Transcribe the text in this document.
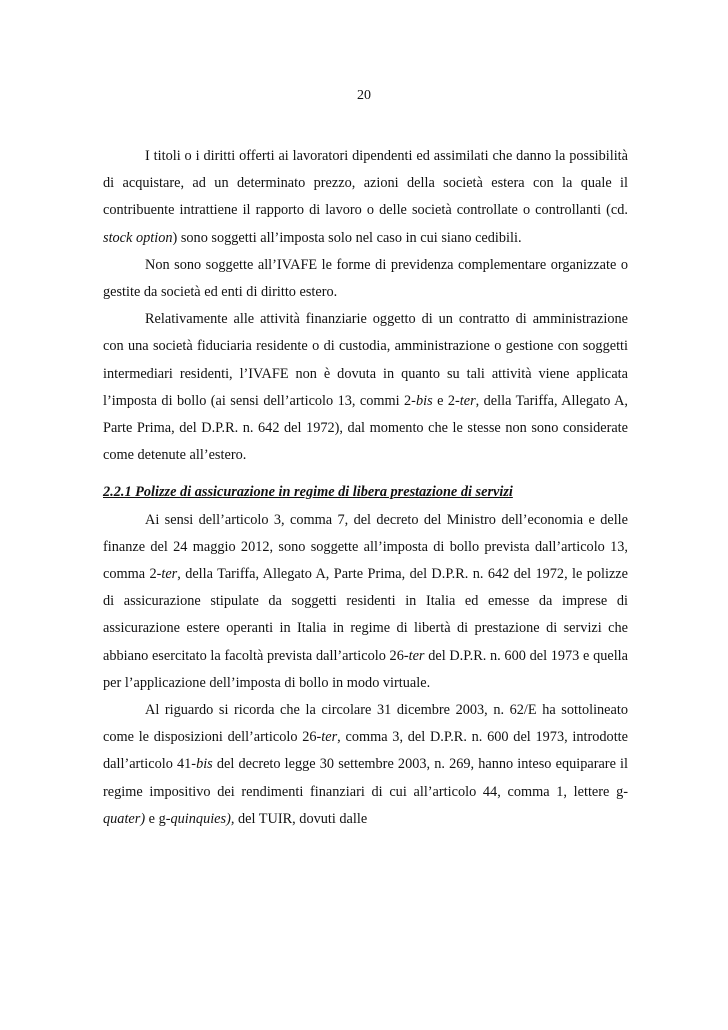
20

I titoli o i diritti offerti ai lavoratori dipendenti ed assimilati che danno la possibilità di acquistare, ad un determinato prezzo, azioni della società estera con la quale il contribuente intrattiene il rapporto di lavoro o delle società controllate o controllanti (cd. stock option) sono soggetti all’imposta solo nel caso in cui siano cedibili.

Non sono soggette all’IVAFE le forme di previdenza complementare organizzate o gestite da società ed enti di diritto estero.

Relativamente alle attività finanziarie oggetto di un contratto di amministrazione con una società fiduciaria residente o di custodia, amministrazione o gestione con soggetti intermediari residenti, l’IVAFE non è dovuta in quanto su tali attività viene applicata l’imposta di bollo (ai sensi dell’articolo 13, commi 2-bis e 2-ter, della Tariffa, Allegato A, Parte Prima, del D.P.R. n. 642 del 1972), dal momento che le stesse non sono considerate come detenute all’estero.

2.2.1 Polizze di assicurazione in regime di libera prestazione di servizi

Ai sensi dell’articolo 3, comma 7, del decreto del Ministro dell’economia e delle finanze del 24 maggio 2012, sono soggette all’imposta di bollo prevista dall’articolo 13, comma 2-ter, della Tariffa, Allegato A, Parte Prima, del D.P.R. n. 642 del 1972, le polizze di assicurazione stipulate da soggetti residenti in Italia ed emesse da imprese di assicurazione estere operanti in Italia in regime di libertà di prestazione di servizi che abbiano esercitato la facoltà prevista dall’articolo 26-ter del D.P.R. n. 600 del 1973 e quella per l’applicazione dell’imposta di bollo in modo virtuale.

Al riguardo si ricorda che la circolare 31 dicembre 2003, n. 62/E ha sottolineato come le disposizioni dell’articolo 26-ter, comma 3, del D.P.R. n. 600 del 1973, introdotte dall’articolo 41-bis del decreto legge 30 settembre 2003, n. 269, hanno inteso equiparare il regime impositivo dei rendimenti finanziari di cui all’articolo 44, comma 1, lettere g-quater) e g-quinquies), del TUIR, dovuti dalle
